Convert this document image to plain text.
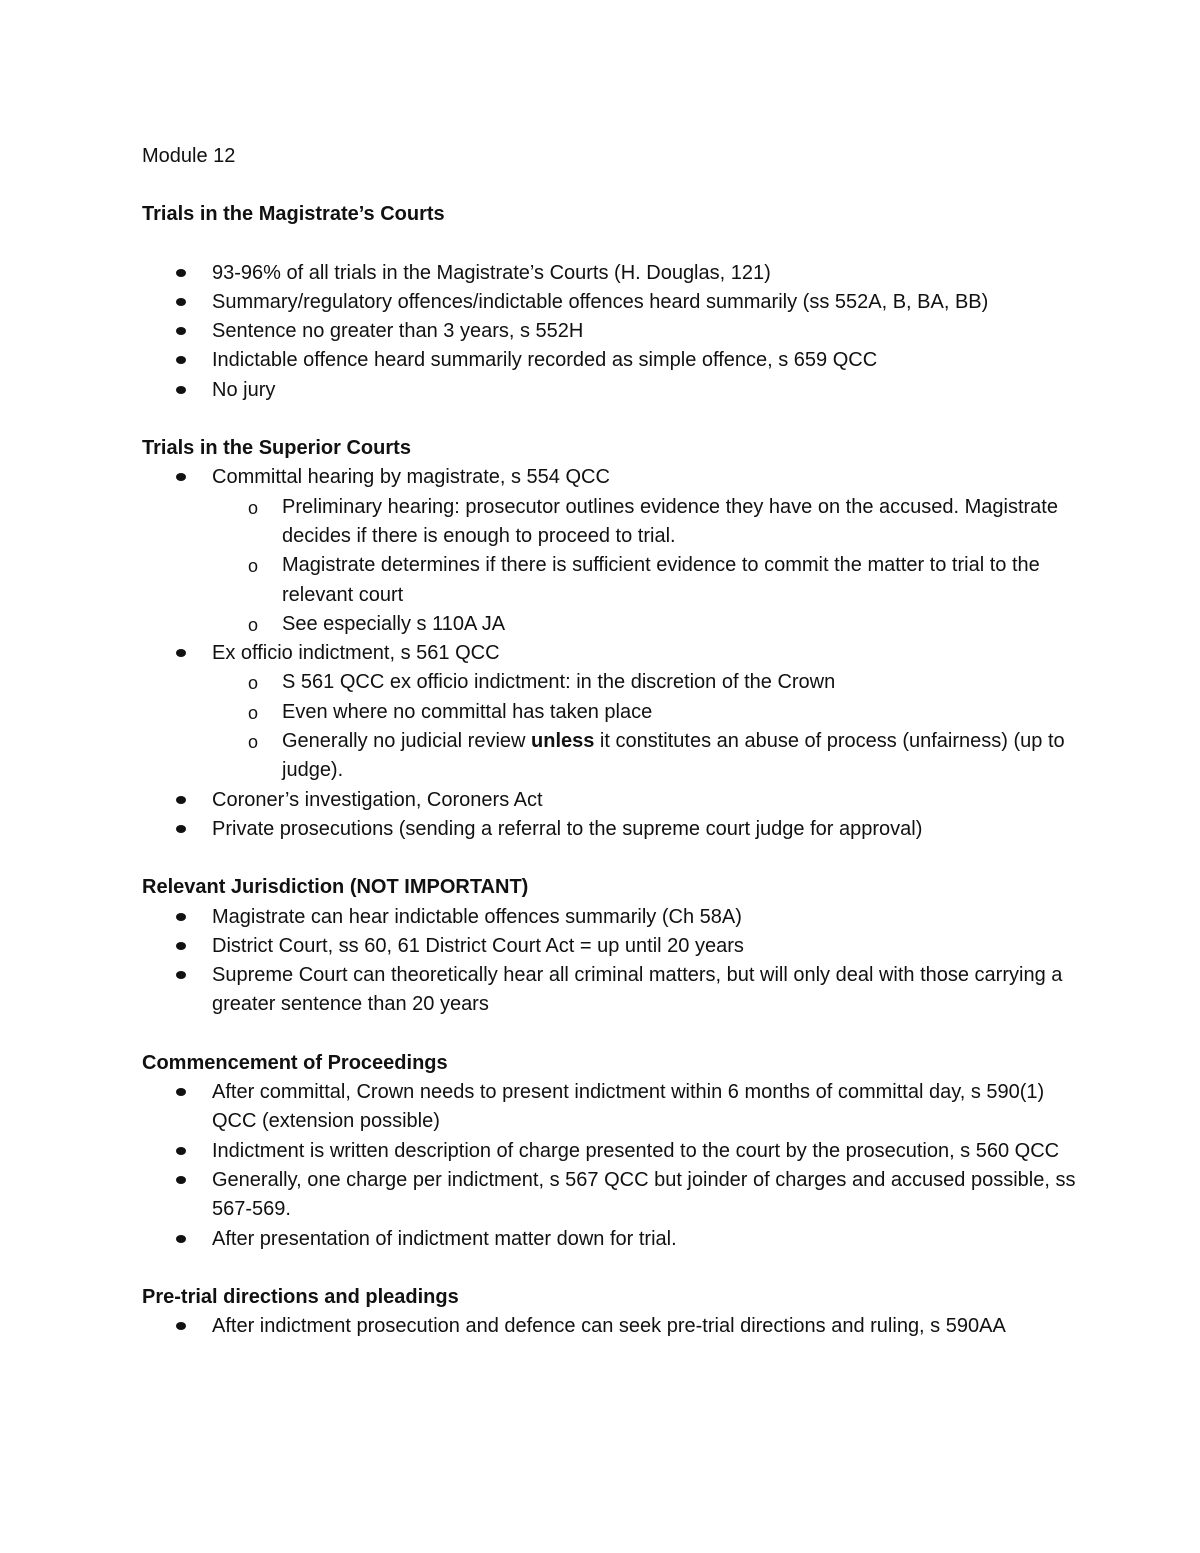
Module 12

Trials in the Magistrate’s Courts

93-96% of all trials in the Magistrate’s Courts (H. Douglas, 121)
Summary/regulatory offences/indictable offences heard summarily (ss 552A, B, BA, BB)
Sentence no greater than 3 years, s 552H
Indictable offence heard summarily recorded as simple offence, s 659 QCC
No jury

Trials in the Superior Courts

Committal hearing by magistrate, s 554 QCC
o Preliminary hearing: prosecutor outlines evidence they have on the accused. Magistrate decides if there is enough to proceed to trial.
o Magistrate determines if there is sufficient evidence to commit the matter to trial to the relevant court
o See especially s 110A JA
Ex officio indictment, s 561 QCC
o S 561 QCC ex officio indictment: in the discretion of the Crown
o Even where no committal has taken place
o Generally no judicial review unless it constitutes an abuse of process (unfairness) (up to judge).
Coroner’s investigation, Coroners Act
Private prosecutions (sending a referral to the supreme court judge for approval)

Relevant Jurisdiction (NOT IMPORTANT)

Magistrate can hear indictable offences summarily (Ch 58A)
District Court, ss 60, 61 District Court Act = up until 20 years
Supreme Court can theoretically hear all criminal matters, but will only deal with those carrying a greater sentence than 20 years

Commencement of Proceedings

After committal, Crown needs to present indictment within 6 months of committal day, s 590(1) QCC (extension possible)
Indictment is written description of charge presented to the court by the prosecution, s 560 QCC
Generally, one charge per indictment, s 567 QCC but joinder of charges and accused possible, ss 567-569.
After presentation of indictment matter down for trial.

Pre-trial directions and pleadings

After indictment prosecution and defence can seek pre-trial directions and ruling, s 590AA
